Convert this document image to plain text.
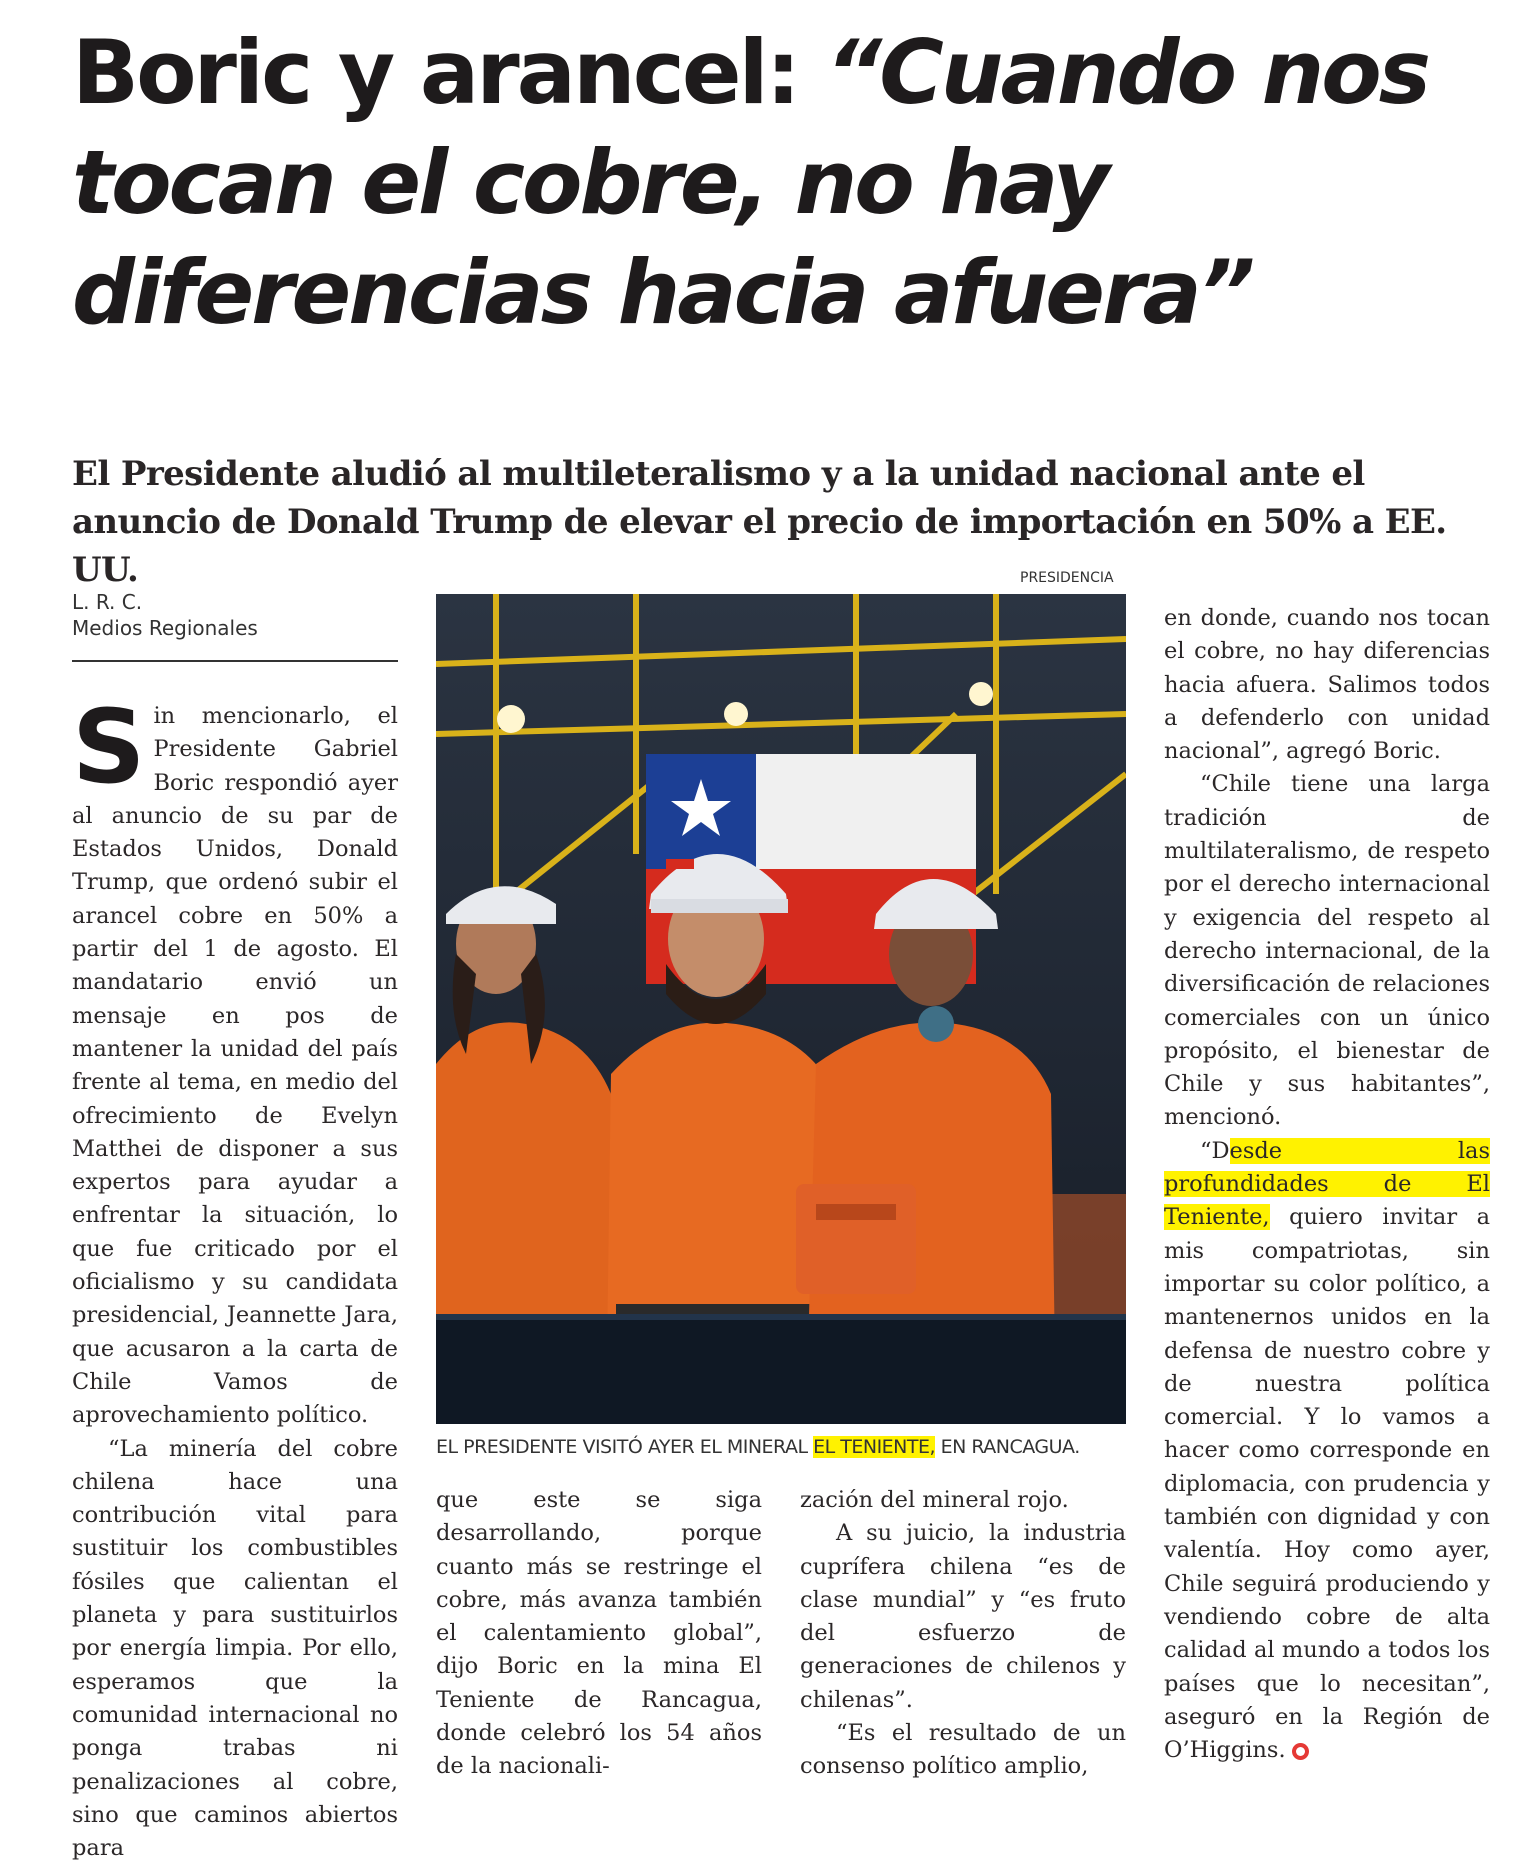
Boric y arancel: “Cuando nos tocan el cobre, no hay diferencias hacia afuera”
El Presidente aludió al multileteralismo y a la unidad nacional ante el anuncio de Donald Trump de elevar el precio de importación en 50% a EE. UU.
L. R. C.
Medios Regionales

Sin mencionarlo, el Presidente Gabriel Boric respondió ayer al anuncio de su par de Estados Unidos, Donald Trump, que ordenó subir el arancel cobre en 50% a partir del 1 de agosto. El mandatario envió un mensaje en pos de mantener la unidad del país frente al tema, en medio del ofrecimiento de Evelyn Matthei de disponer a sus expertos para ayudar a enfrentar la situación, lo que fue criticado por el oficialismo y su candidata presidencial, Jeannette Jara, que acusaron a la carta de Chile Vamos de aprovechamiento político.

“La minería del cobre chilena hace una contribución vital para sustituir los combustibles fósiles que calientan el planeta y para sustituirlos por energía limpia. Por ello, esperamos que la comunidad internacional no ponga trabas ni penalizaciones al cobre, sino que caminos abiertos para

PRESIDENCIA
EL PRESIDENTE VISITÓ AYER EL MINERAL EL TENIENTE, EN RANCAGUA.

que este se siga desarrollando, porque cuanto más se restringe el cobre, más avanza también el calentamiento global”, dijo Boric en la mina El Teniente de Rancagua, donde celebró los 54 años de la nacionali-

zación del mineral rojo.

A su juicio, la industria cuprífera chilena “es de clase mundial” y “es fruto del esfuerzo de generaciones de chilenos y chilenas”.

“Es el resultado de un consenso político amplio,

en donde, cuando nos tocan el cobre, no hay diferencias hacia afuera. Salimos todos a defenderlo con unidad nacional”, agregó Boric.

“Chile tiene una larga tradición de multilateralismo, de respeto por el derecho internacional y exigencia del respeto al derecho internacional, de la diversificación de relaciones comerciales con un único propósito, el bienestar de Chile y sus habitantes”, mencionó.

“Desde las profundidades de El Teniente, quiero invitar a mis compatriotas, sin importar su color político, a mantenernos unidos en la defensa de nuestro cobre y de nuestra política comercial. Y lo vamos a hacer como corresponde en diplomacia, con prudencia y también con dignidad y con valentía. Hoy como ayer, Chile seguirá produciendo y vendiendo cobre de alta calidad al mundo a todos los países que lo necesitan”, aseguró en la Región de O’Higgins.
